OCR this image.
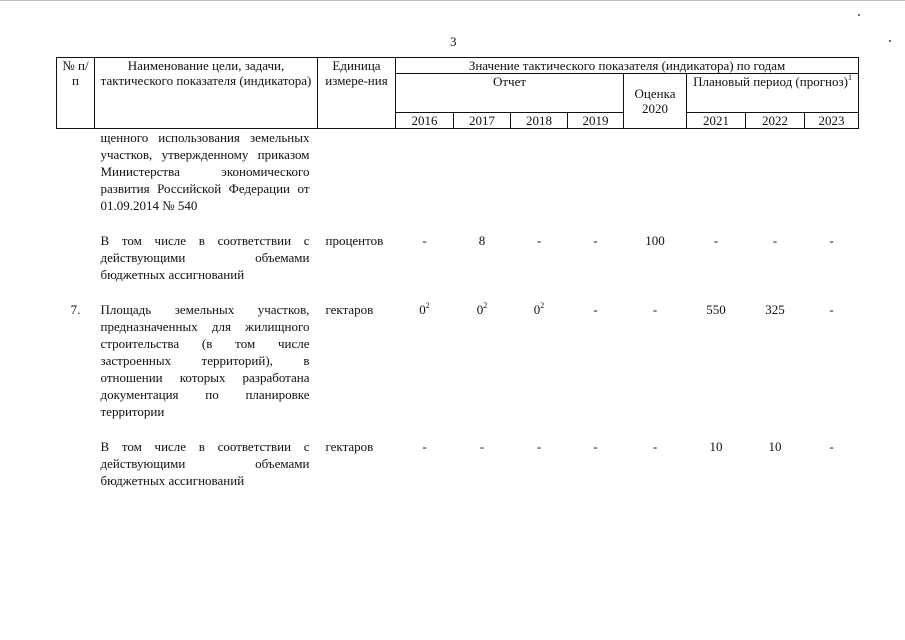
3
№ п/п	Наименование цели, задачи, тактического показателя (индикатора)	Единица измере-ния	Значение тактического показателя (индикатора) по годам							
			Отчет				Оценка 2020	Плановый период (прогноз)$^1$
			2016	2017	2018	2019		2021	2022	2023
	щенного использования земельных участков, утвержденному приказом Министерства экономического развития Российской Федерации от 01.09.2014 № 540									

	В том числе в соответствии с действующими объемами бюджетных ассигнований	процентов	-	8	-	-	100	-	-	-

7.	Площадь земельных участков, предназначенных для жилищного строительства (в том числе застроенных территорий), в отношении которых разработана документация по планировке территории	гектаров	$0^2$	$0^2$	$0^2$	-	-	550	325	-

	В том числе в соответствии с действующими объемами бюджетных ассигнований	гектаров	-	-	-	-	-	10	10	-
